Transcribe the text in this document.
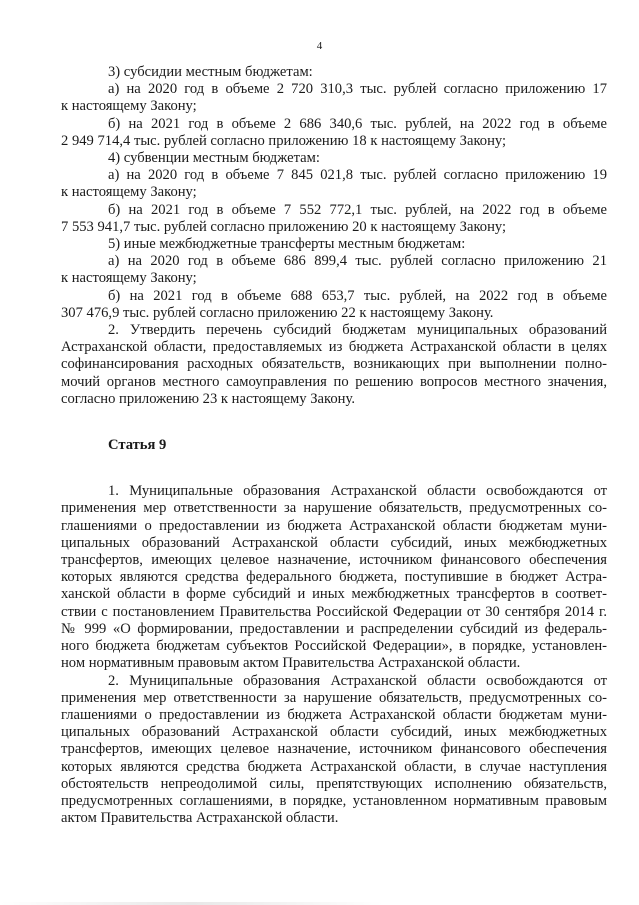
4
3) субсидии местным бюджетам:
а) на 2020 год в объеме 2 720 310,3 тыс. рублей согласно приложению 17
к настоящему Закону;
б) на 2021 год в объеме 2 686 340,6 тыс. рублей, на 2022 год в объеме
2 949 714,4 тыс. рублей согласно приложению 18 к настоящему Закону;
4) субвенции местным бюджетам:
а) на 2020 год в объеме 7 845 021,8 тыс. рублей согласно приложению 19
к настоящему Закону;
б) на 2021 год в объеме 7 552 772,1 тыс. рублей, на 2022 год в объеме
7 553 941,7 тыс. рублей согласно приложению 20 к настоящему Закону;
5) иные межбюджетные трансферты местным бюджетам:
а) на 2020 год в объеме 686 899,4 тыс. рублей согласно приложению 21
к настоящему Закону;
б) на 2021 год в объеме 688 653,7 тыс. рублей, на 2022 год в объеме
307 476,9 тыс. рублей согласно приложению 22 к настоящему Закону.
2. Утвердить перечень субсидий бюджетам муниципальных образований
Астраханской области, предоставляемых из бюджета Астраханской области в целях
софинансирования расходных обязательств, возникающих при выполнении полно-
мочий органов местного самоуправления по решению вопросов местного значения,
согласно приложению 23 к настоящему Закону.
Статья 9
1. Муниципальные образования Астраханской области освобождаются от
применения мер ответственности за нарушение обязательств, предусмотренных со-
глашениями о предоставлении из бюджета Астраханской области бюджетам муни-
ципальных образований Астраханской области субсидий, иных межбюджетных
трансфертов, имеющих целевое назначение, источником финансового обеспечения
которых являются средства федерального бюджета, поступившие в бюджет Астра-
ханской области в форме субсидий и иных межбюджетных трансфертов в соответ-
ствии с постановлением Правительства Российской Федерации от 30 сентября 2014 г.
№ 999 «О формировании, предоставлении и распределении субсидий из федераль-
ного бюджета бюджетам субъектов Российской Федерации», в порядке, установлен-
ном нормативным правовым актом Правительства Астраханской области.
2. Муниципальные образования Астраханской области освобождаются от
применения мер ответственности за нарушение обязательств, предусмотренных со-
глашениями о предоставлении из бюджета Астраханской области бюджетам муни-
ципальных образований Астраханской области субсидий, иных межбюджетных
трансфертов, имеющих целевое назначение, источником финансового обеспечения
которых являются средства бюджета Астраханской области, в случае наступления
обстоятельств непреодолимой силы, препятствующих исполнению обязательств,
предусмотренных соглашениями, в порядке, установленном нормативным правовым
актом Правительства Астраханской области.
